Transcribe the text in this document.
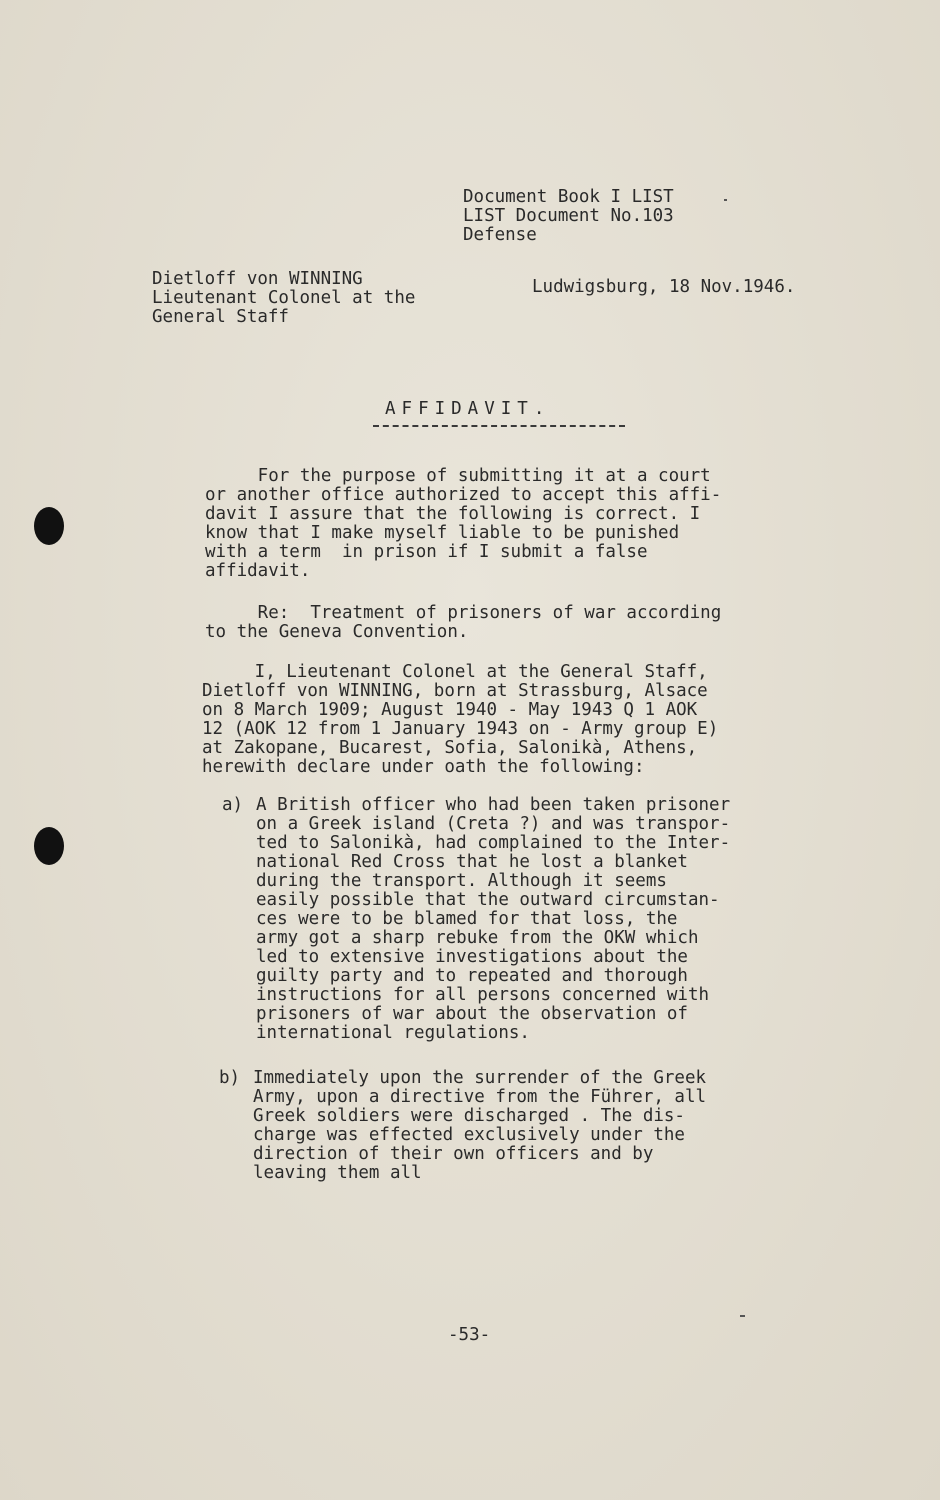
Document Book I LIST
LIST Document No.103
Defense
Dietloff von WINNING
Lieutenant Colonel at the
General Staff
Ludwigsburg, 18 Nov.1946.
AFFIDAVIT.
For the purpose of submitting it at a court
or another office authorized to accept this affi-
davit I assure that the following is correct. I
know that I make myself liable to be punished
with a term  in prison if I submit a false
affidavit.
Re:  Treatment of prisoners of war according
to the Geneva Convention.
I, Lieutenant Colonel at the General Staff,
Dietloff von WINNING, born at Strassburg, Alsace
on 8 March 1909; August 1940 - May 1943 Q 1 AOK
12 (AOK 12 from 1 January 1943 on - Army group E)
at Zakopane, Bucarest, Sofia, Salonikà, Athens,
herewith declare under oath the following:
a) A British officer who had been taken prisoner
on a Greek island (Creta ?) and was transpor-
ted to Salonikà, had complained to the Inter-
national Red Cross that he lost a blanket
during the transport. Although it seems
easily possible that the outward circumstan-
ces were to be blamed for that loss, the
army got a sharp rebuke from the OKW which
led to extensive investigations about the
guilty party and to repeated and thorough
instructions for all persons concerned with
prisoners of war about the observation of
international regulations.
b) Immediately upon the surrender of the Greek
Army, upon a directive from the Führer, all
Greek soldiers were discharged . The dis-
charge was effected exclusively under the
direction of their own officers and by
leaving them all
-53-
